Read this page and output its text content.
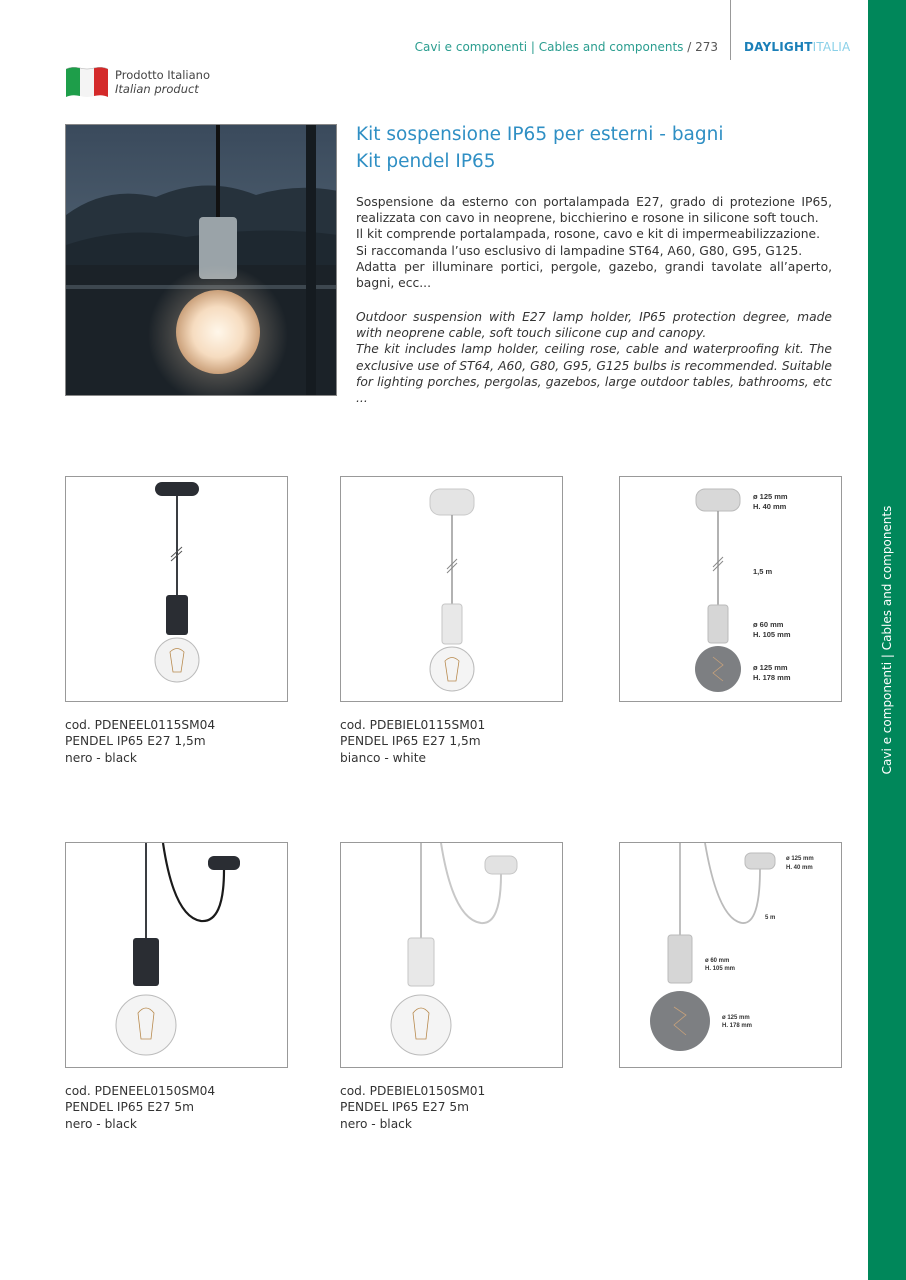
Cavi e componenti | Cables and components / 273 DAYLIGHTITALIA
Cavi e componenti | Cables and components
Prodotto Italiano
Italian product
Kit sospensione IP65 per esterni - bagni
Kit pendel IP65

Sospensione da esterno con portalampada E27, grado di protezione IP65, realizzata con cavo in neoprene, bicchierino e rosone in silicone soft touch.

Il kit comprende portalampada, rosone, cavo e kit di impermeabilizzazione.

Si raccomanda l’uso esclusivo di lampadine ST64, A60, G80, G95, G125.

Adatta per illuminare portici, pergole, gazebo, grandi tavolate all’aperto, bagni, ecc...

Outdoor suspension with E27 lamp holder, IP65 protection degree, made with neoprene cable, soft touch silicone cup and canopy.

The kit includes lamp holder, ceiling rose, cable and waterproofing kit. The exclusive use of ST64, A60, G80, G95, G125 bulbs is recommended. Suitable for lighting porches, pergolas, gazebos, large outdoor tables, bathrooms, etc ...

cod. PDENEEL0115SM04
PENDEL IP65 E27 1,5m
nero - black
cod. PDEBIEL0115SM01
PENDEL IP65 E27 1,5m
bianco - white
ø 125 mm
H. 40 mm
1,5 m
ø 60 mm
H. 105 mm
ø 125 mm
H. 178 mm
cod. PDENEEL0150SM04
PENDEL IP65 E27 5m
nero - black
cod. PDEBIEL0150SM01
PENDEL IP65 E27 5m
nero - black
ø 125 mm
H. 40 mm
5 m
ø 60 mm
H. 105 mm
ø 125 mm
H. 178 mm
